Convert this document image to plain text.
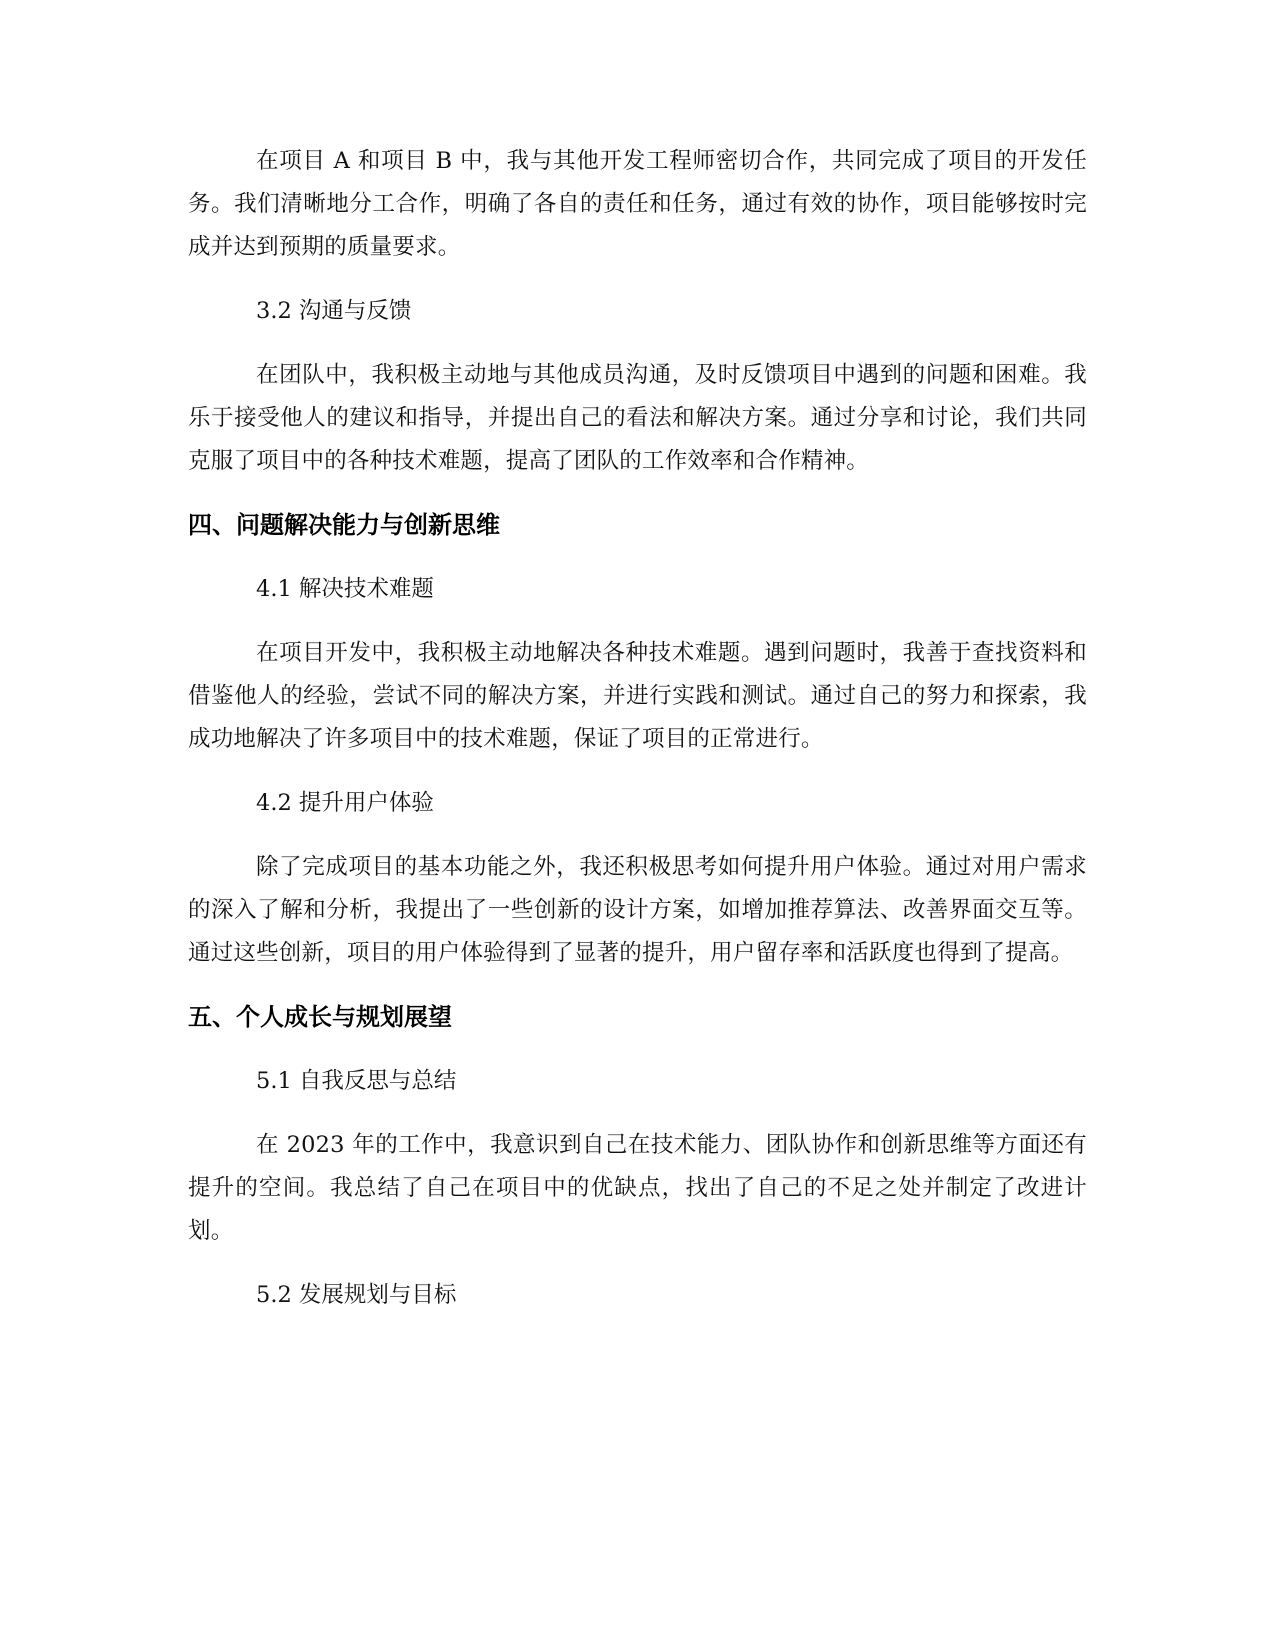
在项目 A 和项目 B 中，我与其他开发工程师密切合作，共同完成了项目的开发任务。我们清晰地分工合作，明确了各自的责任和任务，通过有效的协作，项目能够按时完成并达到预期的质量要求。

3.2 沟通与反馈

在团队中，我积极主动地与其他成员沟通，及时反馈项目中遇到的问题和困难。我乐于接受他人的建议和指导，并提出自己的看法和解决方案。通过分享和讨论，我们共同克服了项目中的各种技术难题，提高了团队的工作效率和合作精神。

四、问题解决能力与创新思维

4.1 解决技术难题

在项目开发中，我积极主动地解决各种技术难题。遇到问题时，我善于查找资料和借鉴他人的经验，尝试不同的解决方案，并进行实践和测试。通过自己的努力和探索，我成功地解决了许多项目中的技术难题，保证了项目的正常进行。

4.2 提升用户体验

除了完成项目的基本功能之外，我还积极思考如何提升用户体验。通过对用户需求的深入了解和分析，我提出了一些创新的设计方案，如增加推荐算法、改善界面交互等。通过这些创新，项目的用户体验得到了显著的提升，用户留存率和活跃度也得到了提高。

五、个人成长与规划展望

5.1 自我反思与总结

在 2023 年的工作中，我意识到自己在技术能力、团队协作和创新思维等方面还有提升的空间。我总结了自己在项目中的优缺点，找出了自己的不足之处并制定了改进计划。

5.2 发展规划与目标
